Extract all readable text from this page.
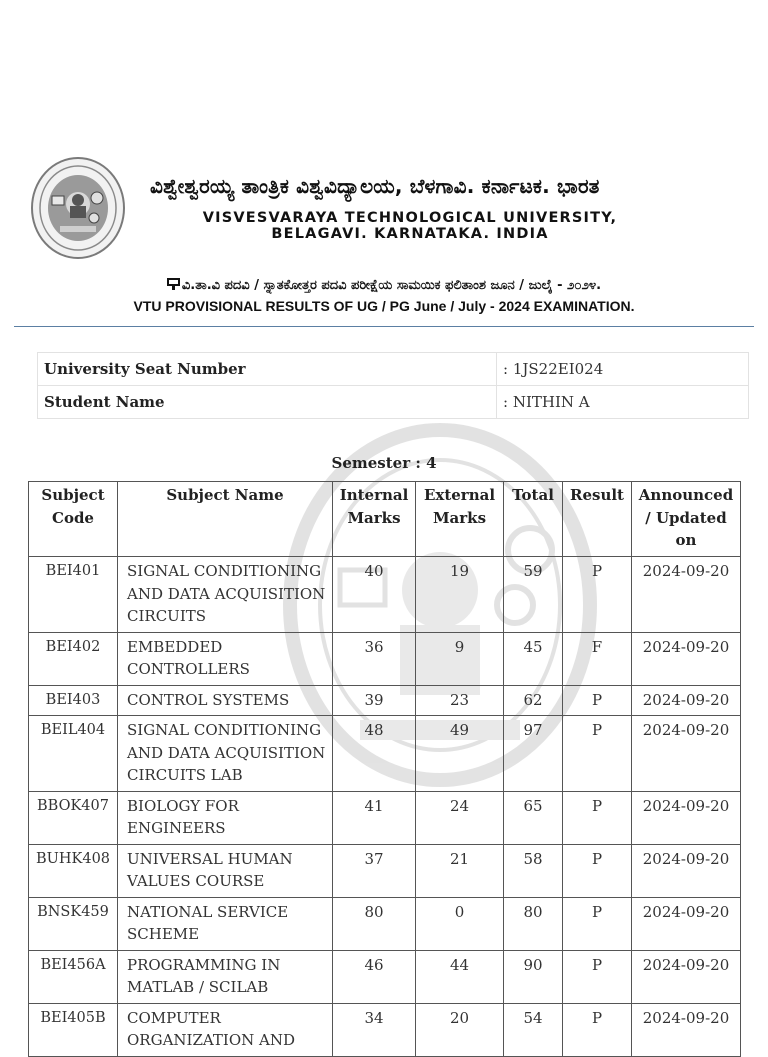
ವಿಶ್ವೇಶ್ವರಯ್ಯ ತಾಂತ್ರಿಕ ವಿಶ್ವವಿದ್ಯಾಲಯ, ಬೆಳಗಾವಿ. ಕರ್ನಾಟಕ. ಭಾರತ
VISVESVARAYA TECHNOLOGICAL UNIVERSITY,
BELAGAVI. KARNATAKA. INDIA
ವಿ.ತಾ.ವಿ ಪದವಿ / ಸ್ನಾತಕೋತ್ತರ ಪದವಿ ಪರೀಕ್ಷೆಯ ಸಾಮಯಿಕ ಫಲಿತಾಂಶ ಜೂನ / ಜುಲೈ - ೨೦೨೪.
VTU PROVISIONAL RESULTS OF UG / PG June / July - 2024 EXAMINATION.
University Seat Number	: 1JS22EI024
Student Name	: NITHIN A
Semester : 4
Subject Code	Subject Name	Internal Marks	External Marks	Total	Result	Announced / Updated on
BEI401	SIGNAL CONDITIONING AND DATA ACQUISITION CIRCUITS	40	19	59	P	2024-09-20
BEI402	EMBEDDED CONTROLLERS	36	9	45	F	2024-09-20
BEI403	CONTROL SYSTEMS	39	23	62	P	2024-09-20
BEIL404	SIGNAL CONDITIONING AND DATA ACQUISITION CIRCUITS LAB	48	49	97	P	2024-09-20
BBOK407	BIOLOGY FOR ENGINEERS	41	24	65	P	2024-09-20
BUHK408	UNIVERSAL HUMAN VALUES COURSE	37	21	58	P	2024-09-20
BNSK459	NATIONAL SERVICE SCHEME	80	0	80	P	2024-09-20
BEI456A	PROGRAMMING IN MATLAB / SCILAB	46	44	90	P	2024-09-20
BEI405B	COMPUTER ORGANIZATION AND	34	20	54	P	2024-09-20
